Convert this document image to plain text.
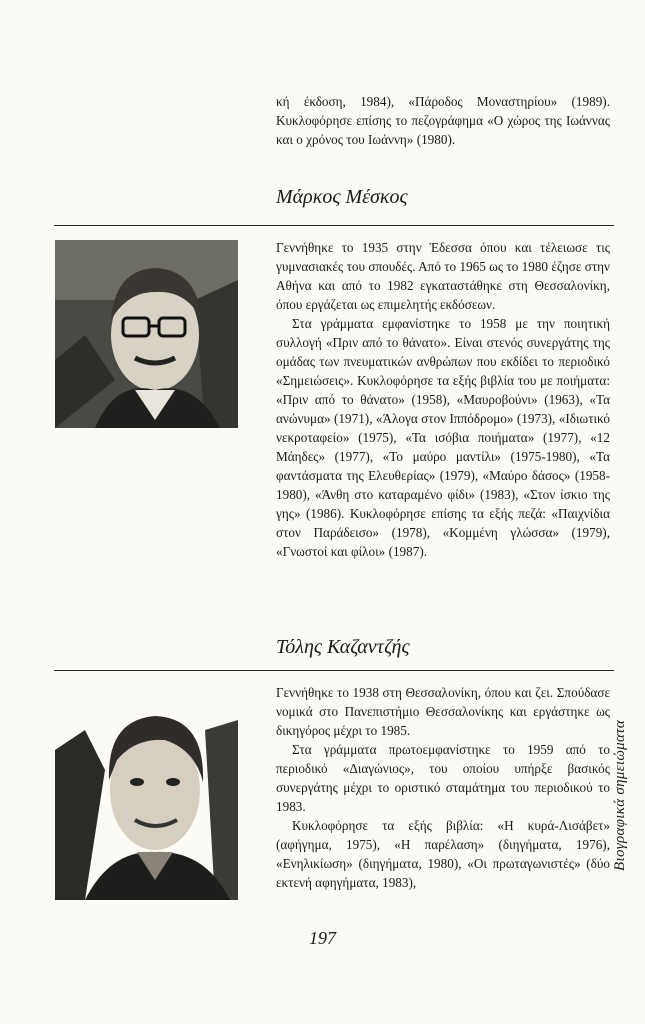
κή έκδοση, 1984), «Πάροδος Μοναστηρίου» (1989). Κυκλοφόρησε επίσης το πεζογράφημα «Ο χώρος της Ιωάννας και ο χρόνος του Ιωάννη» (1980).

Μάρκος Μέσκος

Γεννήθηκε το 1935 στην Έδεσσα όπου και τέλειωσε τις γυμνασιακές του σπουδές. Από το 1965 ως το 1980 έζησε στην Αθήνα και από το 1982 εγκαταστάθηκε στη Θεσσαλονίκη, όπου εργάζεται ως επιμελητής εκδόσεων.

Στα γράμματα εμφανίστηκε το 1958 με την ποιητική συλλογή «Πριν από το θάνατο». Είναι στενός συνεργάτης της ομάδας των πνευματικών ανθρώπων που εκδίδει το περιοδικό «Σημειώσεις». Κυκλοφόρησε τα εξής βιβλία του με ποιήματα: «Πριν από το θάνατο» (1958), «Μαυροβούνι» (1963), «Τα ανώνυμα» (1971), «Άλογα στον Ιππόδρομο» (1973), «Ιδιωτικό νεκροταφείο» (1975), «Τα ισόβια ποιήματα» (1977), «12 Μάηδες» (1977), «Το μαύρο μαντίλι» (1975-1980), «Τα φαντάσματα της Ελευθερίας» (1979), «Μαύρο δάσος» (1958-1980), «Άνθη στο καταραμένο φίδι» (1983), «Στον ίσκιο της γης» (1986). Κυκλοφόρησε επίσης τα εξής πεζά: «Παιχνίδια στον Παράδεισο» (1978), «Κομμένη γλώσσα» (1979), «Γνωστοί και φίλοι» (1987).

Τόλης Καζαντζής

Γεννήθηκε το 1938 στη Θεσσαλονίκη, όπου και ζει. Σπούδασε νομικά στο Πανεπιστήμιο Θεσσαλονίκης και εργάστηκε ως δικηγόρος μέχρι το 1985.

Στα γράμματα πρωτοεμφανίστηκε το 1959 από το περιοδικό «Διαγώνιος», του οποίου υπήρξε βασικός συνεργάτης μέχρι το οριστικό σταμάτημα του περιοδικού το 1983.

Κυκλοφόρησε τα εξής βιβλία: «Η κυρά-Λισάβετ» (αφήγημα, 1975), «Η παρέλαση» (διηγήματα, 1976), «Ενηλικίωση» (διηγήματα, 1980), «Οι πρωταγωνιστές» (δύο εκτενή αφηγήματα, 1983),

Βιογραφικά σημειώματα
197
